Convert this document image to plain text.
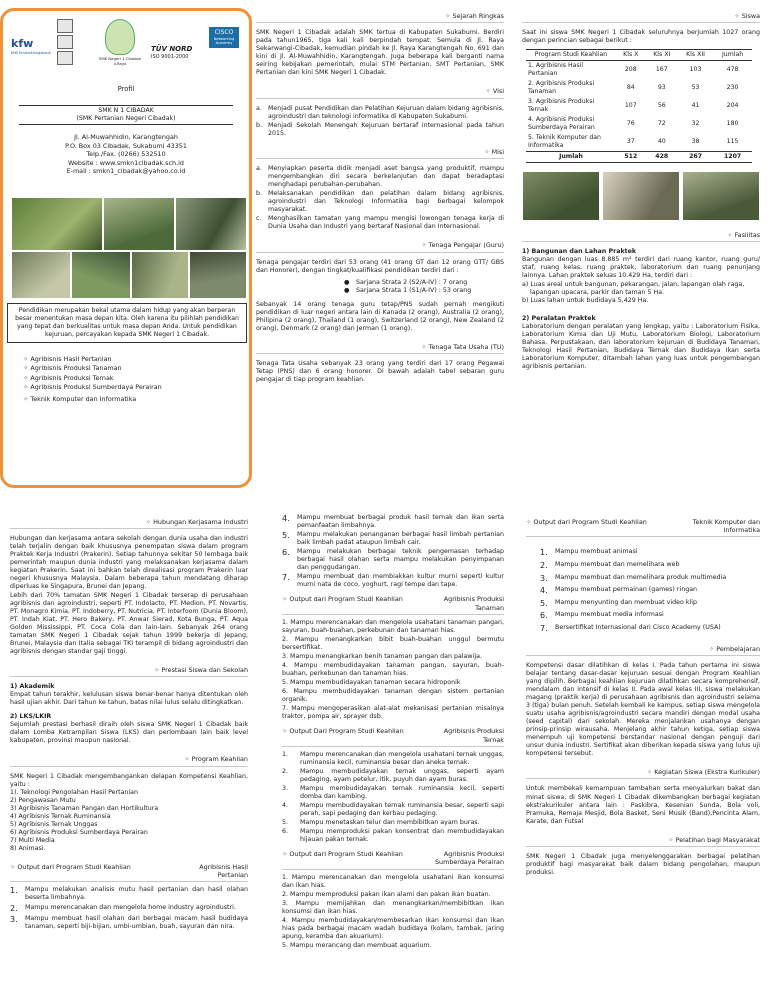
kfw
KfW Entwicklungsbank
SMK Negeri 1 Cibadak Jl.Raya
TÜV NORD
ISO 9001-2000
CISCO
Networking Academy
Profil
SMK N 1 CIBADAK
(SMK Pertanian Negeri Cibadak)
Jl. Al-Muwahhidin, Karangtengah
P.O. Box 03 Cibadak, Sukabumi 43351
Telp./Fax. (0266) 532510
Website : www.smkn1cibadak.sch.id
E-mail : smkn1_cibadak@yahoo.co.id
Pendidikan merupakan bekal utama dalam hidup yang akan berperan besar menentukan masa depan kita. Oleh karena itu pilihlah pendidikan yang tepat dan berkualitas untuk masa depan Anda. Untuk pendidikan kejuruan, percayakan kepada SMK Negeri 1 Cibadak.
✧ Agribisnis Hasil Pertanian
✧ Agribisnis Produksi Tanaman
✧ Agribisnis Produksi Ternak
✧ Agribisnis Produksi Sumberdaya Perairan
✧ Teknik Komputer dan Informatika
✧ Sejarah Ringkas

SMK Negeri 1 Cibadak adalah SMK tertua di Kabupaten Sukabumi. Berdiri pada tahun1965, tiga kali kali berpindah tempat. Semula di Jl. Raya Sekarwangi-Cibadak, kemudian pindah ke Jl. Raya Karangtengah No. 691 dan kini di Jl. Al-Muwahhidin, Karangtengah. Juga beberapa kali berganti nama seiring kebijakan pemerintah, mulai STM Pertanian, SMT Pertanian, SMK Pertanian dan kini SMK Negeri 1 Cibadak.

✧ Visi
a. Menjadi pusat Pendidikan dan Pelatihan Kejuruan dalam bidang agribisnis, agroindustri dan teknologi informatika di Kabupaten Sukabumi.
b. Menjadi Sekolah Menengah Kejuruan bertaraf internasional pada tahun 2015.
✧ Misi
a. Menyiapkan peserta didik menjadi aset bangsa yang produktif, mampu mengembangkan diri secara berkelanjutan dan dapat beradaptasi menghadapi perubahan-perubahan.
b. Melaksanakan pendidikan dan pelatihan dalam bidang agribisnis, agroindustri dan Teknologi Informatika bagi berbagai kelompok masyarakat.
c.	Menghasilkan tamatan yang mampu mengisi lowongan tenaga kerja di Dunia Usaha dan Industri yang bertaraf Nasional dan Internasional.
✧ Tenaga Pengajar (Guru)

Tenaga pengajar terdiri dari 53 orang (41 orang GT dan 12 orang GTT/ GBS dan Honorer), dengan tingkat/kualifikasi pendidikan terdiri dari :

● Sarjana Strata 2 (S2/A-IV) : 7 orang
● Sarjana Strata 1 (S1/A-IV) : 53 orang

Sebanyak 14 orang tenaga guru tetap/PNS sudah pernah mengikuti pendidikan di luar negeri antara lain di Kanada (2 orang), Australia (2 orang), Philipina (2 orang), Thailand (1 orang), Switzerland (2 orang), New Zealand (2 orang), Denmark (2 orang) dan Jerman (1 orang).

✧ Tenaga Tata Usaha (TU)

Tenaga Tata Usaha sebanyak 23 orang yang terdiri dari 17 orang Pegawai Tetap (PNS) dan 6 orang honorer. Di bawah adalah tabel sebaran guru pengajar di tiap program keahlian.

✧ Siswa

Saat ini siswa SMK Negeri 1 Cibadak seluruhnya berjumlah 1027 orang dengan perincian sebagai berikut :

Program Studi Keahlian	Kls X	Kls XI	Kls XII	Jumlah
1. Agribisnis Hasil Pertanian	208	167	103	478
2. Agribisnis Produksi Tanaman	84	93	53	230
3. Agribisnis Produksi Ternak	107	56	41	204
4. Agribisnis Produksi Sumberdaya Perairan	76	72	32	180
5. Teknik Komputer dan Informatika	37	40	38	115
Jumlah	512	428	267	1207
✧ Fasilitas
1) Bangunan dan Lahan Praktek

Bangunan dengan luas 8.885 m² terdiri dari ruang kantor, ruang guru/ staf, ruang kelas, ruang praktek, laboratorium dan ruang penunjang lainnya. Lahan praktek seluas 10.429 Ha, terdiri dari :

a) Luas areal untuk bangunan, pekarangan, jalan, lapangan olah raga, lapangan upacara, parkir dan taman 5 Ha.
b) Luas lahan untuk budidaya 5,429 Ha.
2) Peralatan Praktek

Laboratorium dengan peralatan yang lengkap, yaitu : Laboratorium Fisika, Laboratorium Kimia dan Uji Mutu, Laboratorium Biologi, Laboratorium Bahasa, Perpustakaan, dan laboratorium kejuruan di Budidaya Tanaman, Teknologi Hasil Pertanian, Budidaya Ternak dan Budidaya Ikan serta Laboratorium Komputer, ditambah lahan yang luas untuk pengembangan agribisnis pertanian.

✧ Hubungan Kerjasama Industri

Hubungan dan kerjasama antara sekolah dengan dunia usaha dan industri telah terjalin dengan baik khususnya penempatan siswa dalam program Praktek Kerja Industri (Prakerin). Setiap tahunnya sekitar 50 lembaga baik pemerintah maupun dunia industri yang melaksanakan kerjasama dalam kegiatan Prakerin. Saat ini bahkan telah direalisasi program Prakerin luar negeri khususnya Malaysia. Dalam beberapa tahun mendatang diharap diperluas ke Singapura, Brunei dan Jepang.

Lebih dari 70% tamatan SMK Negeri 1 Cibadak terserap di perusahaan agribisnis dan agroindustri, seperti PT. Indolacto, PT. Medion, PT. Novartis, PT. Monagro Kimia, PT. Indoberry, PT. Nutricia, PT. Interfoom (Dunia Bloom), PT. Indah Kiat, PT. Hero Bakery, PT. Anwar Sierad, Kota Bunga, PT. Aqua Golden Mississippi, PT. Coca Cola dan lain-lain. Sebanyak 264 orang tamatan SMK Negeri 1 Cibadak sejak tahun 1999 bekerja di Jepang, Brunei, Malaysia dan Italia sebagai TKI terampil di bidang agroindustri dan agribisnis dengan standar gaji tinggi.

✧ Prestasi Siswa dan Sekolah
1) Akademik

Empat tahun terakhir, kelulusan siswa benar-benar hanya ditentukan oleh hasil ujian akhir. Dari tahun ke tahun, batas nilai lulus selalu ditingkatkan.

2) LKS/LKIR

Sejumlah prestasi berhasil diraih oleh siswa SMK Negeri 1 Cibadak baik dalam Lomba Ketrampilan Siswa (LKS) dan perlombaan lain baik level kabupaten, provinsi maupun nasional.

✧ Program Keahlian

SMK Negeri 1 Cibadak mengembangankan delapan Kompetensi Keahlian, yaitu :

1). Teknologi Pengolahan Hasil Pertanian
2) Pengawasan Mutu
3) Agribisnis Tanaman Pangan dan Hortikultura
4) Agribisnis Ternak Ruminansia
5) Agribisnis Ternak Unggas
6) Agribisnis Produksi Sumberdaya Perairan
7) Multi Media
8) Animasi.
✧ Output dari Program Studi Keahlian	Agribisnis Hasil Pertanian
1.	Mampu melakukan analisis mutu hasil pertanian dan hasil olahan beserta limbahnya.
2.	Mampu merencanakan dan mengelola home industry agroindustri.
3.	Mampu membuat hasil olahan dari berbagai macam hasil budidaya tanaman, seperti biji-bijian, umbi-umbian, buah, sayuran dan nira.
4.	Mampu membuat berbagai produk hasil ternak dan ikan serta pemanfaatan limbahnya.
5.	Mampu melakukan penanganan berbagai hasil limbah pertanian baik limbah padat ataupun limbah cair.
6.	Mampu melakukan berbagai teknik pengemasan terhadap berbagai hasil olahan serta mampu melakukan penyimpanan dan penggudangan.
7.	Mampu membuat dan membiakkan kultur murni seperti kultur murni nata de coco, yoghurt, ragi tempe dan tape.
✧ Output dari Program Studi Keahlian	Agribisnis Produksi Tanaman
1. Mampu merencanakan dan mengelola usahatani tanaman pangan, sayuran, buah-buahan, perkebunan dan tanaman hias.
2. Mampu menangkarkan bibit buah-buahan unggul bermutu bersertifikat.
3. Mampu menangkarkan benih tanaman pangan dan palawija.
4. Mampu membudidayakan tanaman pangan, sayuran, buah-buahan, perkebunan dan tanaman hias.
5. Mampu membudidayakan tanaman secara hidroponik
6. Mampu membudidayakan tanaman dengan sistem pertanian organik.
7. Mampu mengoperasikan alat-alat mekanisasi pertanian misalnya traktor, pompa air, sprayer dsb.
✧ Output Dari Program Studi Keahlian	Agribisnis Produksi Ternak
1.	Mampu merencanakan dan mengelola usahatani ternak unggas, ruminansia kecil, ruminansia besar dan aneka ternak.
2.	Mampu membudidayakan ternak unggas, seperti ayam pedaging, ayam petelur, itik, puyuh dan ayam buras.
3.	Mampu membudidayakan ternak ruminansia kecil, seperti domba dan kambing.
4.	Mampu membudidayakan ternak ruminansia besar, seperti sapi perah, sapi pedaging dan kerbau pedaging.
5.	Mampu menetaskan telur dan membibitkan ayam buras.
6.	Mampu memproduksi pakan konsentrat dan membudidayakan hijauan pakan ternak.
✧ Output dari Program Studi Keahlian	Agribisnis Produksi Sumberdaya Perairan
1. Mampu merencanakan dan mengelola usahatani ikan konsumsi dan ikan hias.
2. Mampu memproduksi pakan ikan alami dan pakan ikan buatan.
3. Mampu memijahkan dan menangkarkan/membibitkan ikan konsumsi dan ikan hias.
4. Mampu membudidayakan/membesarkan ikan konsumsi dan ikan hias pada berbagai macam wadah budidaya (kolam, tambak, jaring apung, keramba dan akuarium).
5. Mampu merancang dan membuat aquarium.
✧ Output dari Program Studi Keahlian	Teknik Komputer dan Informatika
1.	Mampu membuat animasi
2.	Mampu membuat dan memelihara web
3.	Mampu membuat dan memelihara produk multimedia
4.	Mampu membuat permainan (games) ringan
5.	Mampu menyunting dan membuat video klip
6.	Mampu membuat media informasi
7.	Bersertifikat Internasional dari Cisco Academy (USA)
✧ Pembelajaran

Kompetensi dasar dilatihkan di kelas I. Pada tahun pertama ini siswa belajar tentang dasar-dasar kejuruan sesuai dengan Program Keahlian yang dipilih. Berbagai keahlian kejuruan dilatihkan secara komprehensif, mendalam dan intensif di kelas II. Pada awal kelas III, siswa melakukan magang (praktik kerja) di perusahaan agribisnis dan agroindustri selama 3 (tiga) bulan penuh. Setelah kembali ke kampus, setiap siswa mengelola suatu usaha agribisnis/agroindustri secara mandiri dengan modal usaha (seed capital) dari sekolah. Mereka menjalankan usahanya dengan prinsip-prinsip wirausaha. Menjelang akhir tahun ketiga, setiap siswa menempuh uji kompetensi berstandar nasional dengan penguji dari unsur dunia industri. Sertifikat akan diberikan kepada siswa yang lulus uji kompetensi tersebut.

✧ Kegiatan Siswa (Ekstra Kurikuler)

Untuk membekali kemampuan tambahan serta menyalurkan bakat dan minat siswa, di SMK Negeri 1 Cibadak dikembangkan berbagai kegiatan ekstrakurikuler antara lain : Paskibra, Kesenian Sunda, Bola voli, Pramuka, Remaja Mesjid, Bola Basket, Seni Musik (Band),Pencinta Alam, Karate, dan Futsal

✧ Pelatihan bagi Masyarakat

SMK Negeri 1 Cibadak juga menyelenggarakan berbagai pelatihan produktif bagi masyarakat baik dalam bidang pengolahan, maupun produksi.
